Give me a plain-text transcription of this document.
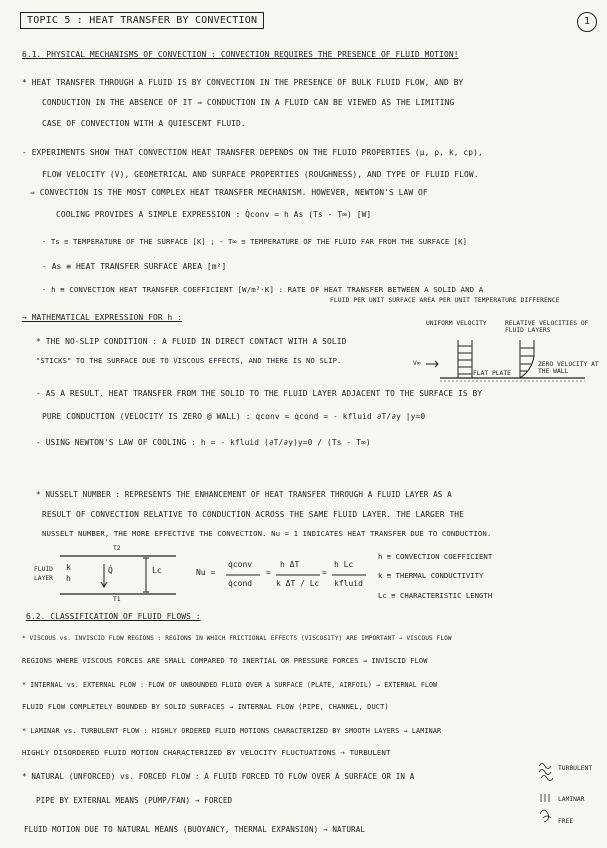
TOPIC 5 : HEAT TRANSFER BY CONVECTION	1
6.1. PHYSICAL MECHANISMS OF CONVECTION : CONVECTION REQUIRES THE PRESENCE OF FLUID MOTION!
* HEAT TRANSFER THROUGH A FLUID IS BY CONVECTION IN THE PRESENCE OF BULK FLUID FLOW, AND BY
CONDUCTION IN THE ABSENCE OF IT ⇒ CONDUCTION IN A FLUID CAN BE VIEWED AS THE LIMITING
CASE OF CONVECTION WITH A QUIESCENT FLUID.
- EXPERIMENTS SHOW THAT CONVECTION HEAT TRANSFER DEPENDS ON THE FLUID PROPERTIES (μ, ρ, k, cp),
FLOW VELOCITY (V), GEOMETRICAL AND SURFACE PROPERTIES (ROUGHNESS), AND TYPE OF FLUID FLOW.
⇒ CONVECTION IS THE MOST COMPLEX HEAT TRANSFER MECHANISM. HOWEVER, NEWTON'S LAW OF
COOLING PROVIDES A SIMPLE EXPRESSION : Q̇conv = h As (Ts - T∞) [W]
- Ts ≡ TEMPERATURE OF THE SURFACE [K] ; - T∞ ≡ TEMPERATURE OF THE FLUID FAR FROM THE SURFACE [K]
- As ≡ HEAT TRANSFER SURFACE AREA [m²]
- h ≡ CONVECTION HEAT TRANSFER COEFFICIENT [W/m²·K] : RATE OF HEAT TRANSFER BETWEEN A SOLID AND A
FLUID PER UNIT SURFACE AREA PER UNIT TEMPERATURE DIFFERENCE
→ MATHEMATICAL EXPRESSION FOR h :
* THE NO-SLIP CONDITION : A FLUID IN DIRECT CONTACT WITH A SOLID
"STICKS" TO THE SURFACE DUE TO VISCOUS EFFECTS, AND THERE IS NO SLIP.
UNIFORM VELOCITY	RELATIVE VELOCITIES OF FLUID LAYERS
V∞
FLAT PLATE
ZERO VELOCITY AT THE WALL
- AS A RESULT, HEAT TRANSFER FROM THE SOLID TO THE FLUID LAYER ADJACENT TO THE SURFACE IS BY
PURE CONDUCTION (VELOCITY IS ZERO @ WALL) : q̇conv = q̇cond = - kfluid ∂T/∂y |y=0
- USING NEWTON'S LAW OF COOLING : h = - kfluid (∂T/∂y)y=0 / (Ts - T∞)
* NUSSELT NUMBER : REPRESENTS THE ENHANCEMENT OF HEAT TRANSFER THROUGH A FLUID LAYER AS A
RESULT OF CONVECTION RELATIVE TO CONDUCTION ACROSS THE SAME FLUID LAYER. THE LARGER THE
NUSSELT NUMBER, THE MORE EFFECTIVE THE CONVECTION. Nu = 1 INDICATES HEAT TRANSFER DUE TO CONDUCTION.
T2
T1
FLUID LAYER
k
h
Q̇	Lc	Nu =
q̇conv
q̇cond
=
h ΔT
k ΔT / Lc
=
h Lc
kfluid
h ≡ CONVECTION COEFFICIENT
k ≡ THERMAL CONDUCTIVITY
Lc ≡ CHARACTERISTIC LENGTH
6.2. CLASSIFICATION OF FLUID FLOWS :
* VISCOUS vs. INVISCID FLOW REGIONS : REGIONS IN WHICH FRICTIONAL EFFECTS (VISCOSITY) ARE IMPORTANT → VISCOUS FLOW
REGIONS WHERE VISCOUS FORCES ARE SMALL COMPARED TO INERTIAL OR PRESSURE FORCES → INVISCID FLOW
* INTERNAL vs. EXTERNAL FLOW : FLOW OF UNBOUNDED FLUID OVER A SURFACE (PLATE, AIRFOIL) → EXTERNAL FLOW
FLUID FLOW COMPLETELY BOUNDED BY SOLID SURFACES → INTERNAL FLOW (PIPE, CHANNEL, DUCT)
* LAMINAR vs. TURBULENT FLOW : HIGHLY ORDERED FLUID MOTIONS CHARACTERIZED BY SMOOTH LAYERS → LAMINAR
HIGHLY DISORDERED FLUID MOTION CHARACTERIZED BY VELOCITY FLUCTUATIONS → TURBULENT
* NATURAL (UNFORCED) vs. FORCED FLOW : A FLUID FORCED TO FLOW OVER A SURFACE OR IN A
PIPE BY EXTERNAL MEANS (PUMP/FAN) → FORCED
FLUID MOTION DUE TO NATURAL MEANS (BUOYANCY, THERMAL EXPANSION) → NATURAL
TURBULENT
LAMINAR
FREE
